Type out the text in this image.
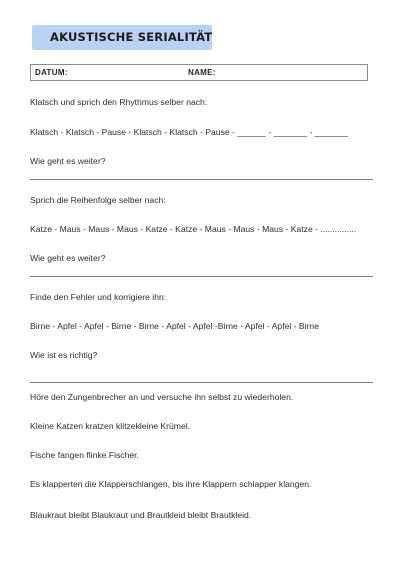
AKUSTISCHE SERIALITÄT
DATUM:	NAME:
Klatsch und sprich den Rhythmus selber nach:
Klatsch - Klatsch - Pause - Klatsch - Klatsch - Pause - ______ - _______ - _______
Wie geht es weiter?
Sprich die Reihenfolge selber nach:
Katze - Maus - Maus - Maus - Katze - Katze - Maus - Maus - Maus - Katze - ...............
Wie geht es weiter?
Finde den Fehler und korrigiere ihn:
Birne - Apfel - Apfel - Birne - Birne - Apfel - Apfel -Birne - Apfel - Apfel - Birne
Wie ist es richtig?
Höre den Zungenbrecher an und versuche ihn selbst zu wiederholen.
Kleine Katzen kratzen klitzekleine Krümel.
Fische fangen flinke Fischer.
Es klapperten die Klapperschlangen, bis ihre Klappern schlapper klangen.
Blaukraut bleibt Blaukraut und Brautkleid bleibt Brautkleid.
